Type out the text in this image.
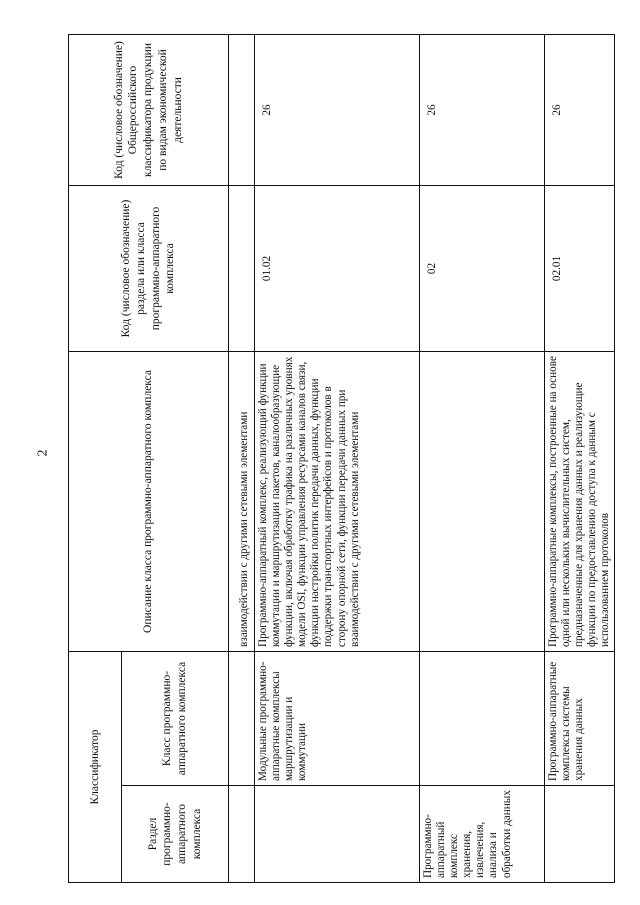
2
Классификатор		Описание класса программно-аппаратного комплекса	Код (числовое обозначение) раздела или класса программно-аппаратного комплекса	Код (числовое обозначение) Общероссийского классификатора продукции по видам экономической деятельности
Раздел программно-аппаратного комплекса	Класс программно-аппаратного комплекса			
		взаимодействии с другими сетевыми элементами		
	Модульные программно-аппаратные комплексы маршрутизации и коммутации	Программно-аппаратный комплекс, реализующий функции коммутации и маршрутизации пакетов, каналообразующие функции, включая обработку трафика на различных уровнях модели OSI, функции управления ресурсами каналов связи, функции настройки политик передачи данных, функции поддержки транспортных интерфейсов и протоколов в сторону опорной сети, функции передачи данных при взаимодействии с другими сетевыми элементами	01.02	26
Программно-аппаратный комплекс хранения, извлечения, анализа и обработки данных			02	26
	Программно-аппаратные комплексы системы хранения данных	Программно-аппаратные комплексы, построенные на основе одной или нескольких вычислительных систем, предназначенные для хранения данных и реализующие функции по предоставлению доступа к данным с использованием протоколов	02.01	26
